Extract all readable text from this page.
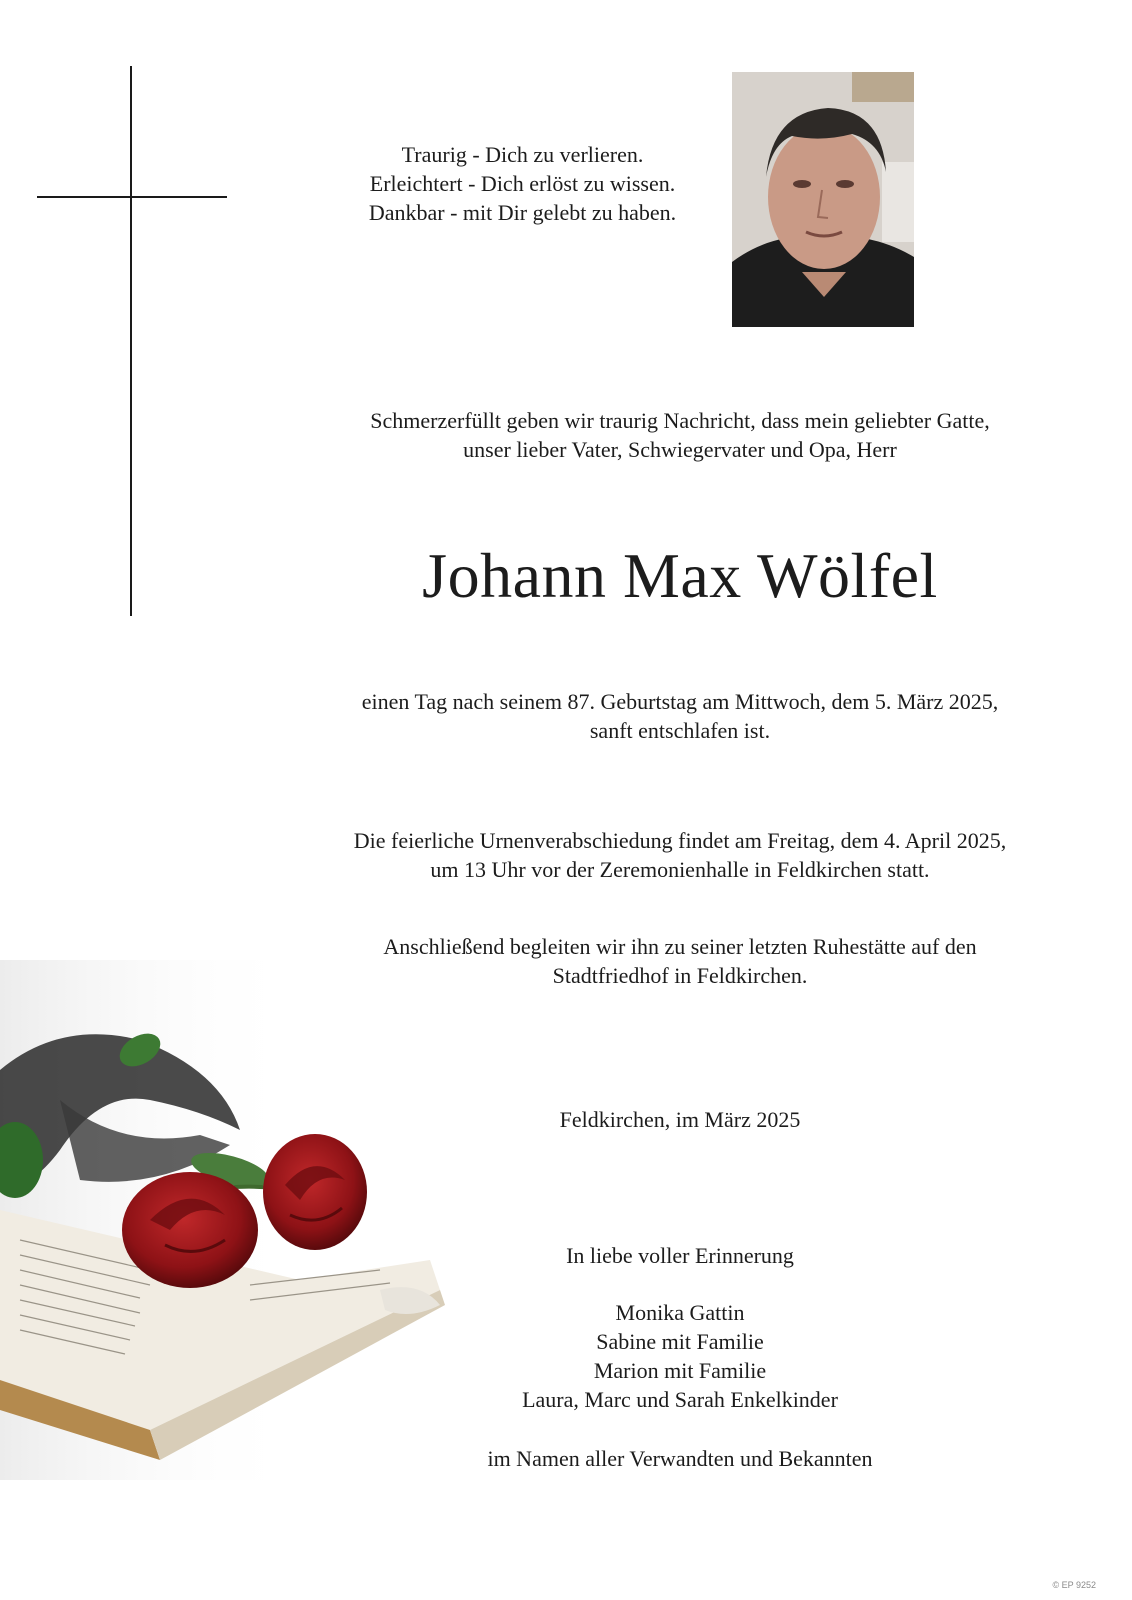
Traurig - Dich zu verlieren.
Erleichtert - Dich erlöst zu wissen.
Dankbar - mit Dir gelebt zu haben.
Schmerzerfüllt geben wir traurig Nachricht, dass mein geliebter Gatte,
unser lieber Vater, Schwiegervater und Opa, Herr
Johann Max Wölfel
einen Tag nach seinem 87. Geburtstag am Mittwoch, dem 5. März 2025,
sanft entschlafen ist.
Die feierliche Urnenverabschiedung findet am Freitag, dem 4. April 2025,
um 13 Uhr vor der Zeremonienhalle in Feldkirchen statt.
Anschließend begleiten wir ihn zu seiner letzten Ruhestätte auf den
Stadtfriedhof in Feldkirchen.
Feldkirchen, im März 2025
In liebe voller Erinnerung
Monika Gattin
Sabine mit Familie
Marion mit Familie
Laura, Marc und Sarah Enkelkinder
im Namen aller Verwandten und Bekannten
© EP 9252
